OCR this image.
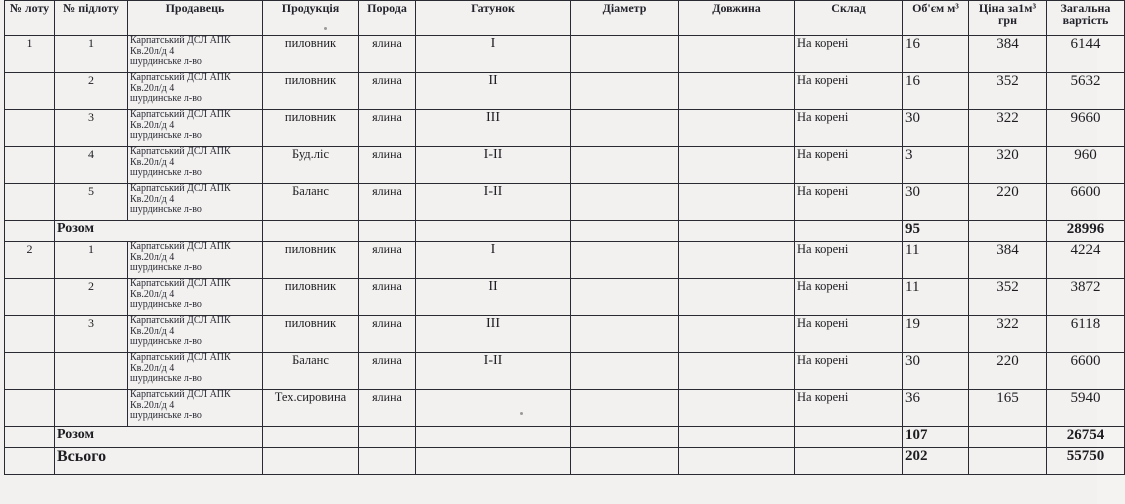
№ лоту	№ підлоту	Продавець	Продукція	Порода	Гатунок	Діаметр	Довжина	Склад	Об'єм м³	Ціна за1м³ грн	Загальна вартість
1	1	Карпатський ДСЛ АПК
Кв.20л/д 4
шурдинське л-во	пиловник	ялина	I			На корені	16	384	6144
	2	Карпатський ДСЛ АПК
Кв.20л/д 4
шурдинське л-во	пиловник	ялина	II			На корені	16	352	5632
	3	Карпатський ДСЛ АПК
Кв.20л/д 4
шурдинське л-во	пиловник	ялина	III			На корені	30	322	9660
	4	Карпатський ДСЛ АПК
Кв.20л/д 4
шурдинське л-во	Буд.ліс	ялина	I-II			На корені	3	320	960
	5	Карпатський ДСЛ АПК
Кв.20л/д 4
шурдинське л-во	Баланс	ялина	I-II			На корені	30	220	6600
	Розом								95		28996
2	1	Карпатський ДСЛ АПК
Кв.20л/д 4
шурдинське л-во	пиловник	ялина	I			На корені	11	384	4224
	2	Карпатський ДСЛ АПК
Кв.20л/д 4
шурдинське л-во	пиловник	ялина	II			На корені	11	352	3872
	3	Карпатський ДСЛ АПК
Кв.20л/д 4
шурдинське л-во	пиловник	ялина	III			На корені	19	322	6118

		Карпатський ДСЛ АПК
Кв.20л/д 4
шурдинське л-во	Баланс	ялина	I-II			На корені	30	220	6600

		Карпатський ДСЛ АПК
Кв.20л/д 4
шурдинське л-во	Тех.сировина	ялина				На корені	36	165	5940
	Розом								107		26754
	Всього								202		55750
